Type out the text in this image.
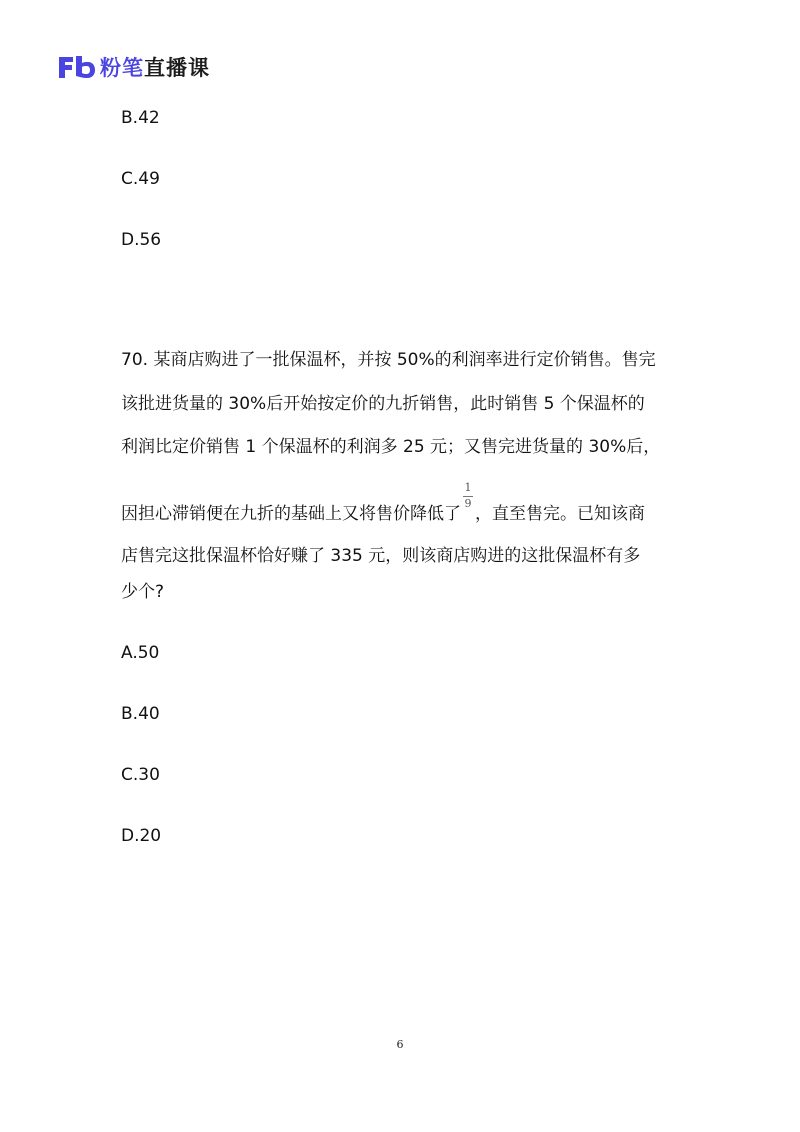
粉笔直播课
B.42
C.49
D.56
70. 某商店购进了一批保温杯，并按 50%的利润率进行定价销售。售完
该批进货量的 30%后开始按定价的九折销售，此时销售 5 个保温杯的
利润比定价销售 1 个保温杯的利润多 25 元；又售完进货量的 30%后，
因担心滞销便在九折的基础上又将售价降低了 $\frac{1}{9}$ ，直至售完。已知该商
店售完这批保温杯恰好赚了 335 元，则该商店购进的这批保温杯有多
少个?
A.50
B.40
C.30
D.20
6
